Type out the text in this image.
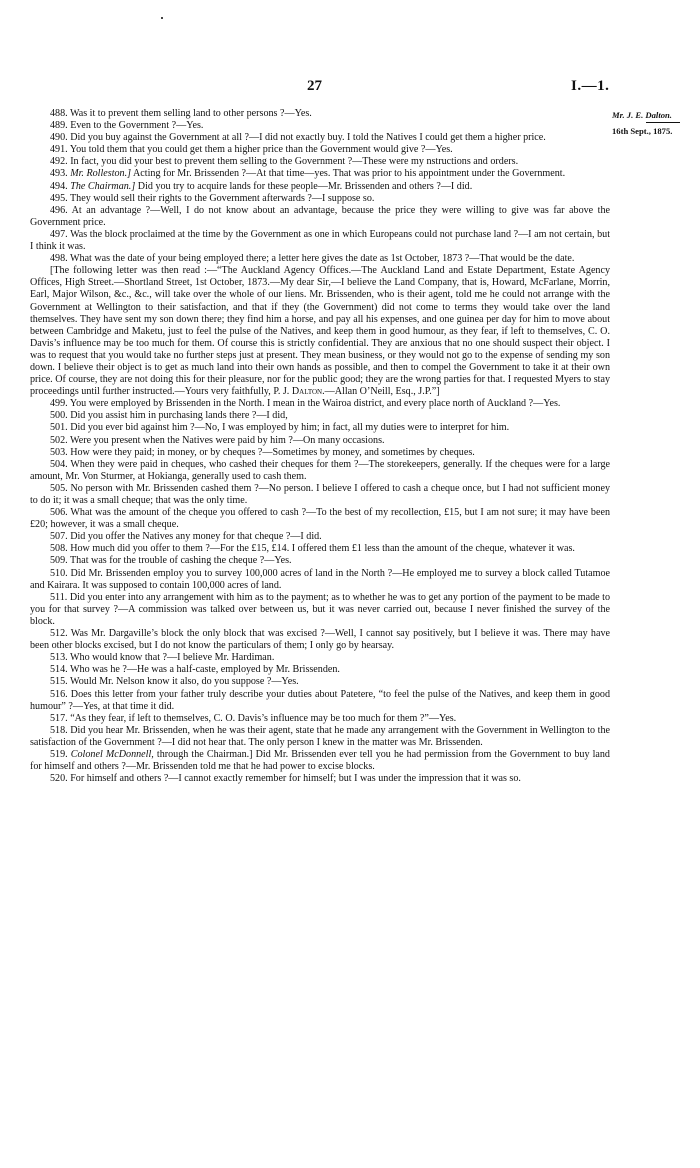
27	I.—1.
Mr. J. E. Dalton.
16th Sept., 1875.

488. Was it to prevent them selling land to other persons ?—Yes.

489. Even to the Government ?—Yes.

490. Did you buy against the Government at all ?—I did not exactly buy. I told the Natives I could get them a higher price.

491. You told them that you could get them a higher price than the Government would give ?—Yes.

492. In fact, you did your best to prevent them selling to the Government ?—These were my nstructions and orders.

493. Mr. Rolleston.] Acting for Mr. Brissenden ?—At that time—yes. That was prior to his appointment under the Government.

494. The Chairman.] Did you try to acquire lands for these people—Mr. Brissenden and others ?—I did.

495. They would sell their rights to the Government afterwards ?—I suppose so.

496. At an advantage ?—Well, I do not know about an advantage, because the price they were willing to give was far above the Government price.

497. Was the block proclaimed at the time by the Government as one in which Europeans could not purchase land ?—I am not certain, but I think it was.

498. What was the date of your being employed there; a letter here gives the date as 1st October, 1873 ?—That would be the date.

[The following letter was then read :—“The Auckland Agency Offices.—The Auckland Land and Estate Department, Estate Agency Offices, High Street.—Shortland Street, 1st October, 1873.—My dear Sir,—I believe the Land Company, that is, Howard, McFarlane, Morrin, Earl, Major Wilson, &c., &c., will take over the whole of our liens. Mr. Brissenden, who is their agent, told me he could not arrange with the Government at Wellington to their satisfaction, and that if they (the Government) did not come to terms they would take over the land themselves. They have sent my son down there; they find him a horse, and pay all his expenses, and one guinea per day for him to move about between Cambridge and Maketu, just to feel the pulse of the Natives, and keep them in good humour, as they fear, if left to themselves, C. O. Davis’s influence may be too much for them. Of course this is strictly confidential. They are anxious that no one should suspect their object. I was to request that you would take no further steps just at present. They mean business, or they would not go to the expense of sending my son down. I believe their object is to get as much land into their own hands as possible, and then to compel the Government to take it at their own price. Of course, they are not doing this for their pleasure, nor for the public good; they are the wrong parties for that. I requested Myers to stay proceedings until further instructed.—Yours very faithfully, P. J. Dalton.—Allan O’Neill, Esq., J.P.”]

499. You were employed by Brissenden in the North. I mean in the Wairoa district, and every place north of Auckland ?—Yes.

500. Did you assist him in purchasing lands there ?—I did,

501. Did you ever bid against him ?—No, I was employed by him; in fact, all my duties were to interpret for him.

502. Were you present when the Natives were paid by him ?—On many occasions.

503. How were they paid; in money, or by cheques ?—Sometimes by money, and sometimes by cheques.

504. When they were paid in cheques, who cashed their cheques for them ?—The storekeepers, generally. If the cheques were for a large amount, Mr. Von Sturmer, at Hokianga, generally used to cash them.

505. No person with Mr. Brissenden cashed them ?—No person. I believe I offered to cash a cheque once, but I had not sufficient money to do it; it was a small cheque; that was the only time.

506. What was the amount of the cheque you offered to cash ?—To the best of my recollection, £15, but I am not sure; it may have been £20; however, it was a small cheque.

507. Did you offer the Natives any money for that cheque ?—I did.

508. How much did you offer to them ?—For the £15, £14. I offered them £1 less than the amount of the cheque, whatever it was.

509. That was for the trouble of cashing the cheque ?—Yes.

510. Did Mr. Brissenden employ you to survey 100,000 acres of land in the North ?—He employed me to survey a block called Tutamoe and Kairara. It was supposed to contain 100,000 acres of land.

511. Did you enter into any arrangement with him as to the payment; as to whether he was to get any portion of the payment to be made to you for that survey ?—A commission was talked over between us, but it was never carried out, because I never finished the survey of the block.

512. Was Mr. Dargaville’s block the only block that was excised ?—Well, I cannot say positively, but I believe it was. There may have been other blocks excised, but I do not know the particulars of them; I only go by hearsay.

513. Who would know that ?—I believe Mr. Hardiman.

514. Who was he ?—He was a half-caste, employed by Mr. Brissenden.

515. Would Mr. Nelson know it also, do you suppose ?—Yes.

516. Does this letter from your father truly describe your duties about Patetere, “to feel the pulse of the Natives, and keep them in good humour” ?—Yes, at that time it did.

517. “As they fear, if left to themselves, C. O. Davis’s influence may be too much for them ?”—Yes.

518. Did you hear Mr. Brissenden, when he was their agent, state that he made any arrangement with the Government in Wellington to the satisfaction of the Government ?—I did not hear that. The only person I knew in the matter was Mr. Brissenden.

519. Colonel McDonnell, through the Chairman.] Did Mr. Brissenden ever tell you he had permission from the Government to buy land for himself and others ?—Mr. Brissenden told me that he had power to excise blocks.

520. For himself and others ?—I cannot exactly remember for himself; but I was under the impression that it was so.
